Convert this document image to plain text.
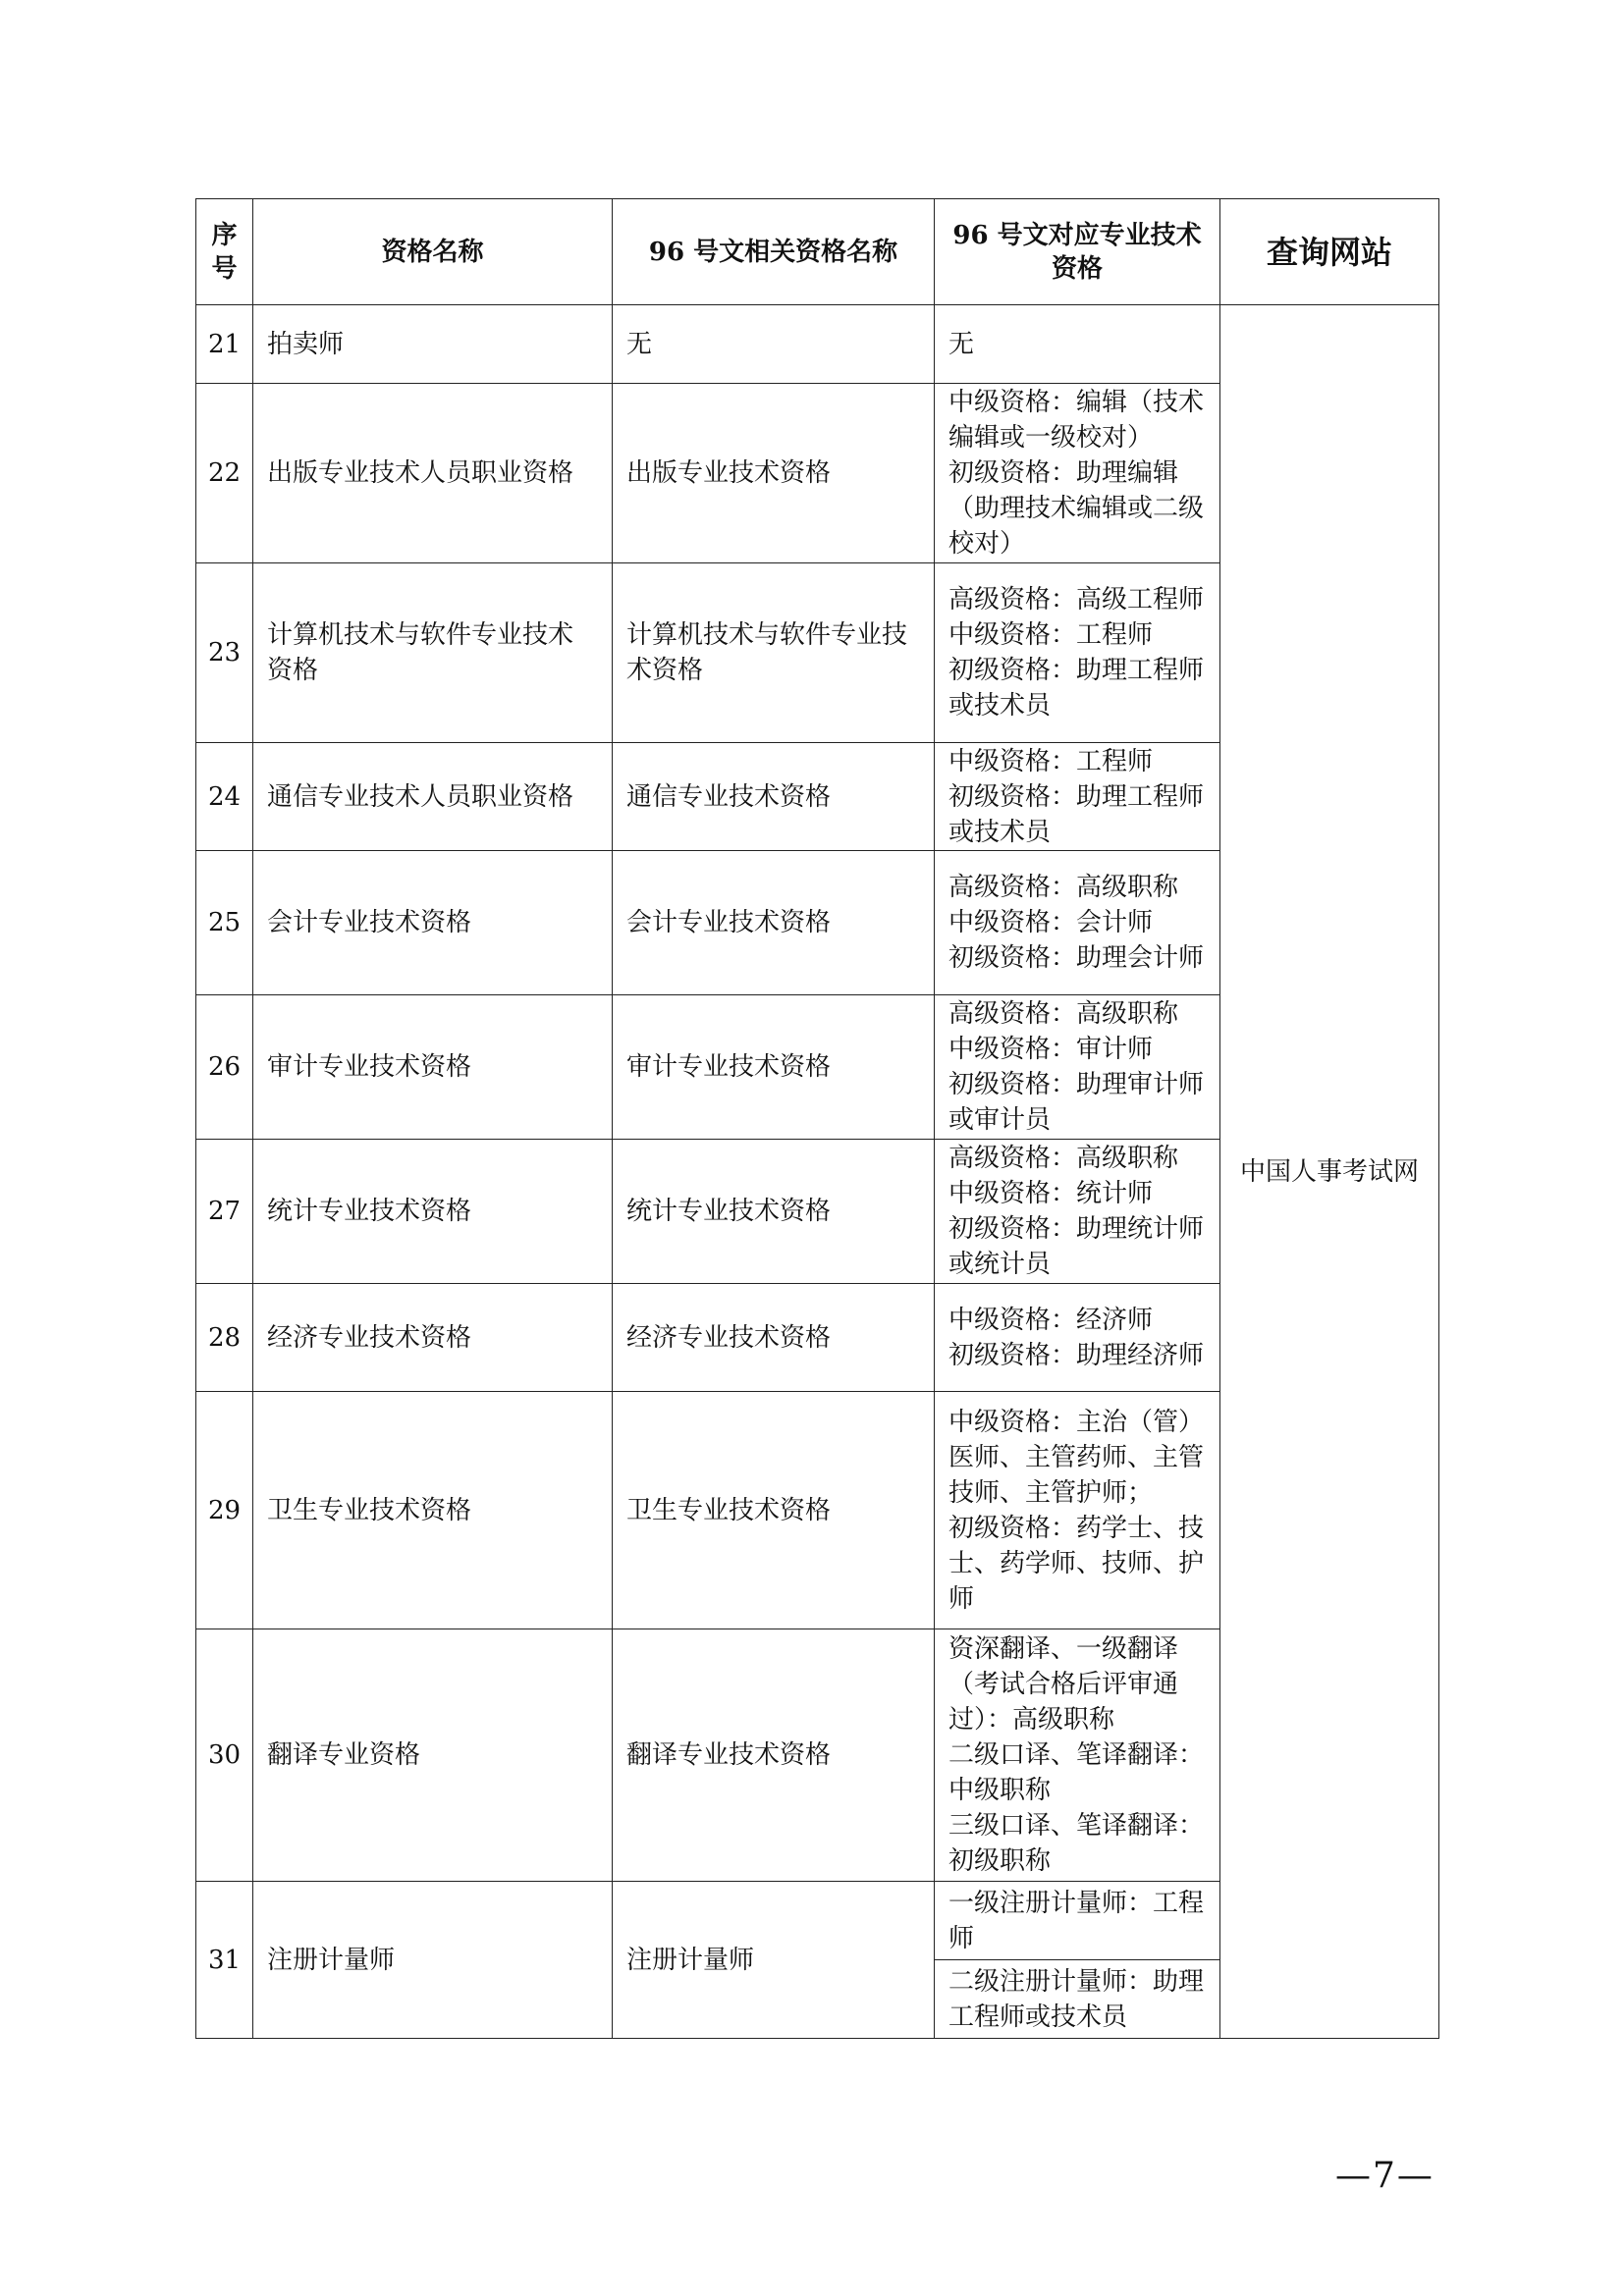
序号	资格名称	96 号文相关资格名称	96 号文对应专业技术资格	查询网站
21	拍卖师	无	无	中国人事考试网
22	出版专业技术人员职业资格	出版专业技术资格	中级资格：编辑（技术编辑或一级校对）
初级资格：助理编辑（助理技术编辑或二级校对）	

23	计算机技术与软件专业技术资格	计算机技术与软件专业技术资格	高级资格：高级工程师
中级资格：工程师
初级资格：助理工程师或技术员	

24	通信专业技术人员职业资格	通信专业技术资格	中级资格：工程师
初级资格：助理工程师或技术员	

25	会计专业技术资格	会计专业技术资格	高级资格：高级职称
中级资格：会计师
初级资格：助理会计师	

26	审计专业技术资格	审计专业技术资格	高级资格：高级职称
中级资格：审计师
初级资格：助理审计师或审计员	

27	统计专业技术资格	统计专业技术资格	高级资格：高级职称
中级资格：统计师
初级资格：助理统计师或统计员	

28	经济专业技术资格	经济专业技术资格	中级资格：经济师
初级资格：助理经济师	

29	卫生专业技术资格	卫生专业技术资格	中级资格：主治（管）医师、主管药师、主管技师、主管护师；
初级资格：药学士、技士、药学师、技师、护师	

30	翻译专业资格	翻译专业技术资格	资深翻译、一级翻译（考试合格后评审通过）：高级职称
二级口译、笔译翻译：中级职称
三级口译、笔译翻译：初级职称	

31	注册计量师	注册计量师	一级注册计量师：工程师	

			二级注册计量师：助理工程师或技术员	
—7—
